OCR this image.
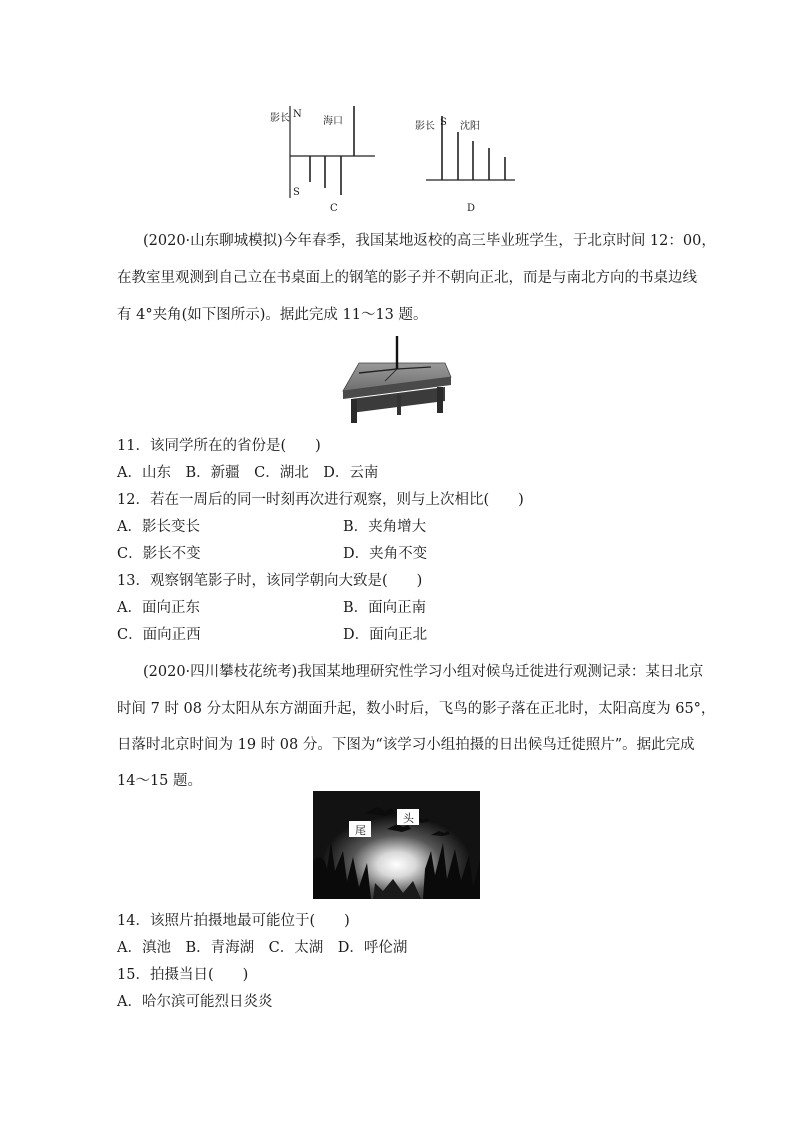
影长 N
海口
S
C
影长 S 沈阳
D
(2020·山东聊城模拟)今年春季，我国某地返校的高三毕业班学生，于北京时间 12：00，
在教室里观测到自己立在书桌面上的钢笔的影子并不朝向正北，而是与南北方向的书桌边线
有 4°夹角(如下图所示)。据此完成 11～13 题。
11．该同学所在的省份是(　　)
A．山东　B．新疆　C．湖北　D．云南
12．若在一周后的同一时刻再次进行观察，则与上次相比(　　)
A．影长变长	B．夹角增大
C．影长不变	D．夹角不变
13．观察钢笔影子时，该同学朝向大致是(　　)
A．面向正东	B．面向正南
C．面向正西	D．面向正北
(2020·四川攀枝花统考)我国某地理研究性学习小组对候鸟迁徙进行观测记录：某日北京
时间 7 时 08 分太阳从东方湖面升起，数小时后，飞鸟的影子落在正北时，太阳高度为 65°，
日落时北京时间为 19 时 08 分。下图为“该学习小组拍摄的日出候鸟迁徙照片”。据此完成
14～15 题。
头
尾
14．该照片拍摄地最可能位于(　　)
A．滇池　B．青海湖　C．太湖　D．呼伦湖
15．拍摄当日(　　)
A．哈尔滨可能烈日炎炎
